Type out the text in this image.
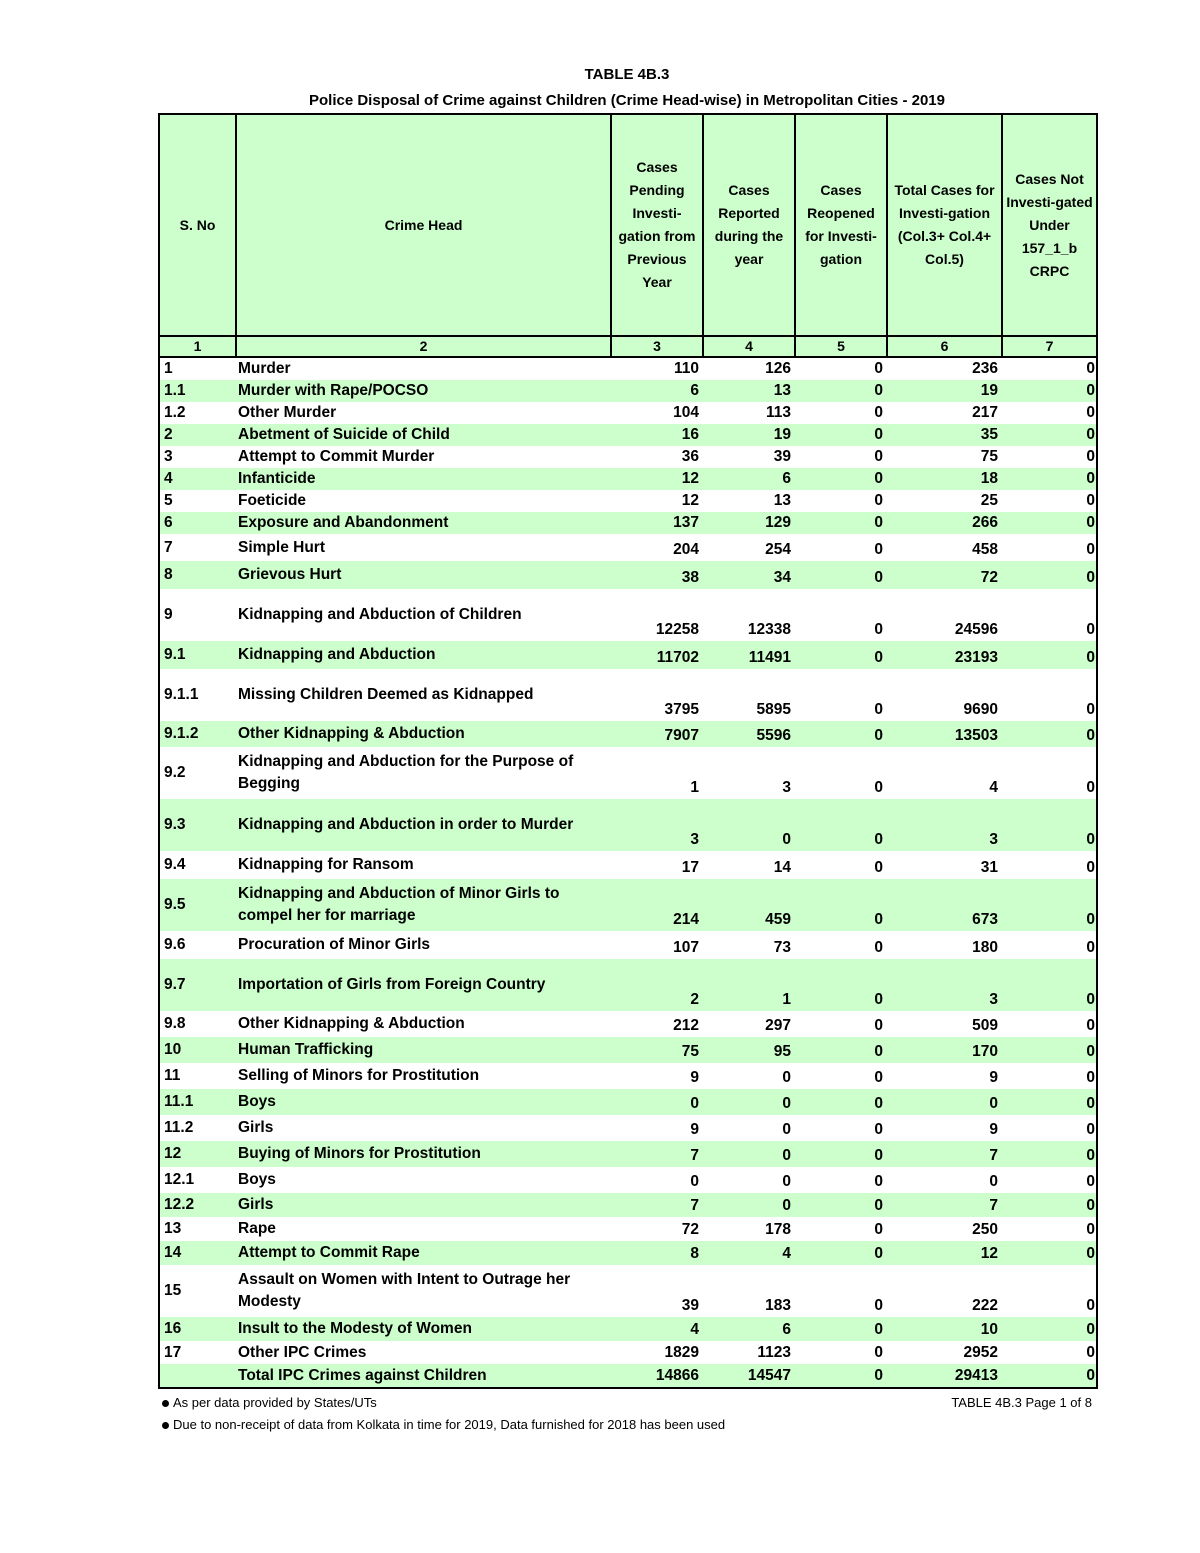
TABLE 4B.3
Police Disposal of Crime against Children (Crime Head-wise) in Metropolitan Cities - 2019
S. No	Crime Head	Cases Pending Investi-gation from Previous Year	Cases Reported during the year	Cases Reopened for Investi-gation	Total Cases for Investi-gation (Col.3+ Col.4+ Col.5)	Cases Not Investi-gated Under 157_1_b CRPC
1	2	3	4	5	6	7
1	Murder	110	126	0	236	0
1.1	Murder with Rape/POCSO	6	13	0	19	0
1.2	Other Murder	104	113	0	217	0
2	Abetment of Suicide of Child	16	19	0	35	0
3	Attempt to Commit Murder	36	39	0	75	0
4	Infanticide	12	6	0	18	0
5	Foeticide	12	13	0	25	0
6	Exposure and Abandonment	137	129	0	266	0
7	Simple Hurt	204	254	0	458	0
8	Grievous Hurt	38	34	0	72	0
9	Kidnapping and Abduction of Children	12258	12338	0	24596	0
9.1	Kidnapping and Abduction	11702	11491	0	23193	0
9.1.1	Missing Children Deemed as Kidnapped	3795	5895	0	9690	0
9.1.2	Other Kidnapping & Abduction	7907	5596	0	13503	0
9.2	Kidnapping and Abduction for the Purpose of Begging	1	3	0	4	0
9.3	Kidnapping and Abduction in order to Murder	3	0	0	3	0
9.4	Kidnapping for Ransom	17	14	0	31	0
9.5	Kidnapping and Abduction of Minor Girls to compel her for marriage	214	459	0	673	0
9.6	Procuration of Minor Girls	107	73	0	180	0
9.7	Importation of Girls from Foreign Country	2	1	0	3	0
9.8	Other Kidnapping & Abduction	212	297	0	509	0
10	Human Trafficking	75	95	0	170	0
11	Selling of Minors for Prostitution	9	0	0	9	0
11.1	Boys	0	0	0	0	0
11.2	Girls	9	0	0	9	0
12	Buying of Minors for Prostitution	7	0	0	7	0
12.1	Boys	0	0	0	0	0
12.2	Girls	7	0	0	7	0
13	Rape	72	178	0	250	0
14	Attempt to Commit Rape	8	4	0	12	0
15	Assault on Women with Intent to Outrage her Modesty	39	183	0	222	0
16	Insult to the Modesty of Women	4	6	0	10	0
17	Other IPC Crimes	1829	1123	0	2952	0
	Total IPC Crimes against Children	14866	14547	0	29413	0
As per data provided by States/UTs	TABLE 4B.3 Page 1 of 8
Due to non-receipt of data from Kolkata in time for 2019, Data furnished for 2018 has been used
